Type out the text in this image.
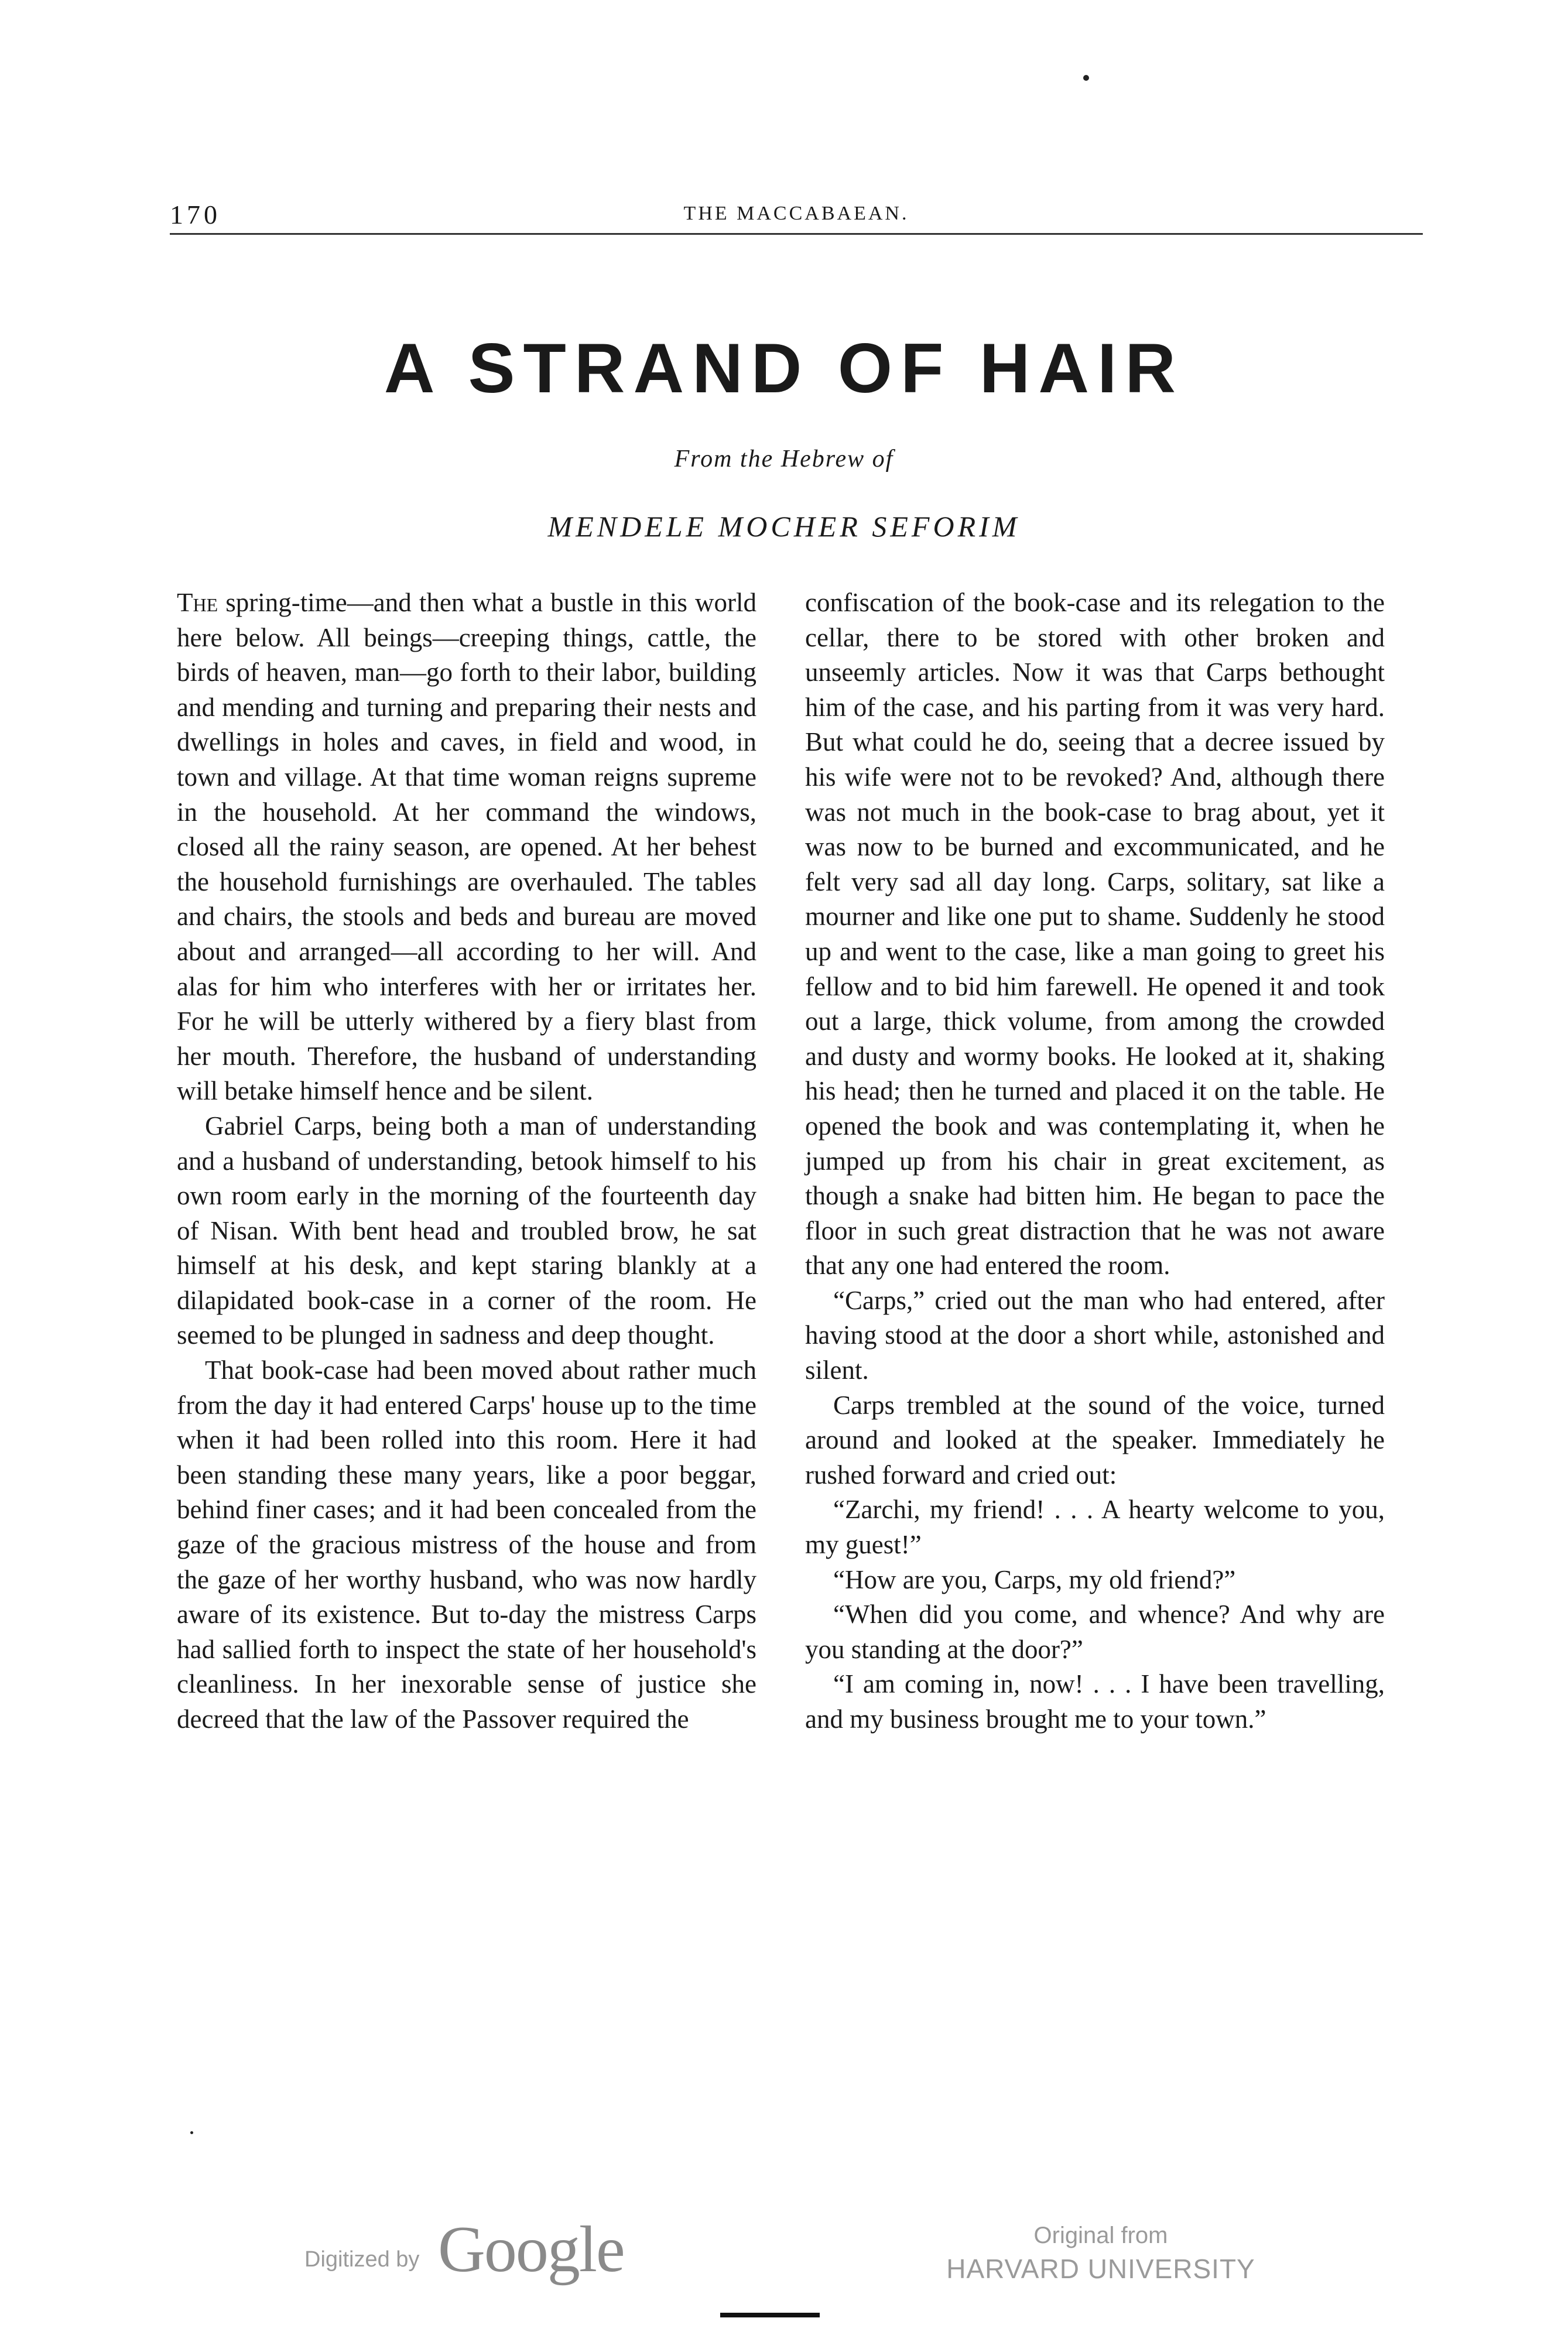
170	THE MACCABAEAN.
A STRAND OF HAIR
From the Hebrew of
MENDELE MOCHER SEFORIM

The spring-time—and then what a bustle in this world here below. All beings—creeping things, cattle, the birds of heaven, man—go forth to their labor, building and mending and turning and preparing their nests and dwellings in holes and caves, in field and wood, in town and village. At that time woman reigns supreme in the household. At her command the windows, closed all the rainy season, are opened. At her behest the household furnishings are overhauled. The tables and chairs, the stools and beds and bureau are moved about and arranged—all according to her will. And alas for him who interferes with her or irritates her. For he will be utterly withered by a fiery blast from her mouth. Therefore, the husband of understanding will betake himself hence and be silent.

Gabriel Carps, being both a man of understanding and a husband of understanding, betook himself to his own room early in the morning of the fourteenth day of Nisan. With bent head and troubled brow, he sat himself at his desk, and kept staring blankly at a dilapidated book-case in a corner of the room. He seemed to be plunged in sadness and deep thought.

That book-case had been moved about rather much from the day it had entered Carps' house up to the time when it had been rolled into this room. Here it had been standing these many years, like a poor beggar, behind finer cases; and it had been concealed from the gaze of the gracious mistress of the house and from the gaze of her worthy husband, who was now hardly aware of its existence. But to-day the mistress Carps had sallied forth to inspect the state of her household's cleanliness. In her inexorable sense of justice she decreed that the law of the Passover required the

confiscation of the book-case and its relegation to the cellar, there to be stored with other broken and unseemly articles. Now it was that Carps bethought him of the case, and his parting from it was very hard. But what could he do, seeing that a decree issued by his wife were not to be revoked? And, although there was not much in the book-case to brag about, yet it was now to be burned and excommunicated, and he felt very sad all day long. Carps, solitary, sat like a mourner and like one put to shame. Suddenly he stood up and went to the case, like a man going to greet his fellow and to bid him farewell. He opened it and took out a large, thick volume, from among the crowded and dusty and wormy books. He looked at it, shaking his head; then he turned and placed it on the table. He opened the book and was contemplating it, when he jumped up from his chair in great excitement, as though a snake had bitten him. He began to pace the floor in such great distraction that he was not aware that any one had entered the room.

“Carps,” cried out the man who had entered, after having stood at the door a short while, astonished and silent.

Carps trembled at the sound of the voice, turned around and looked at the speaker. Immediately he rushed forward and cried out:

“Zarchi, my friend! . . . A hearty welcome to you, my guest!”

“How are you, Carps, my old friend?”

“When did you come, and whence? And why are you standing at the door?”

“I am coming in, now! . . . I have been travelling, and my business brought me to your town.”

Digitized by Google	Original from
HARVARD UNIVERSITY
